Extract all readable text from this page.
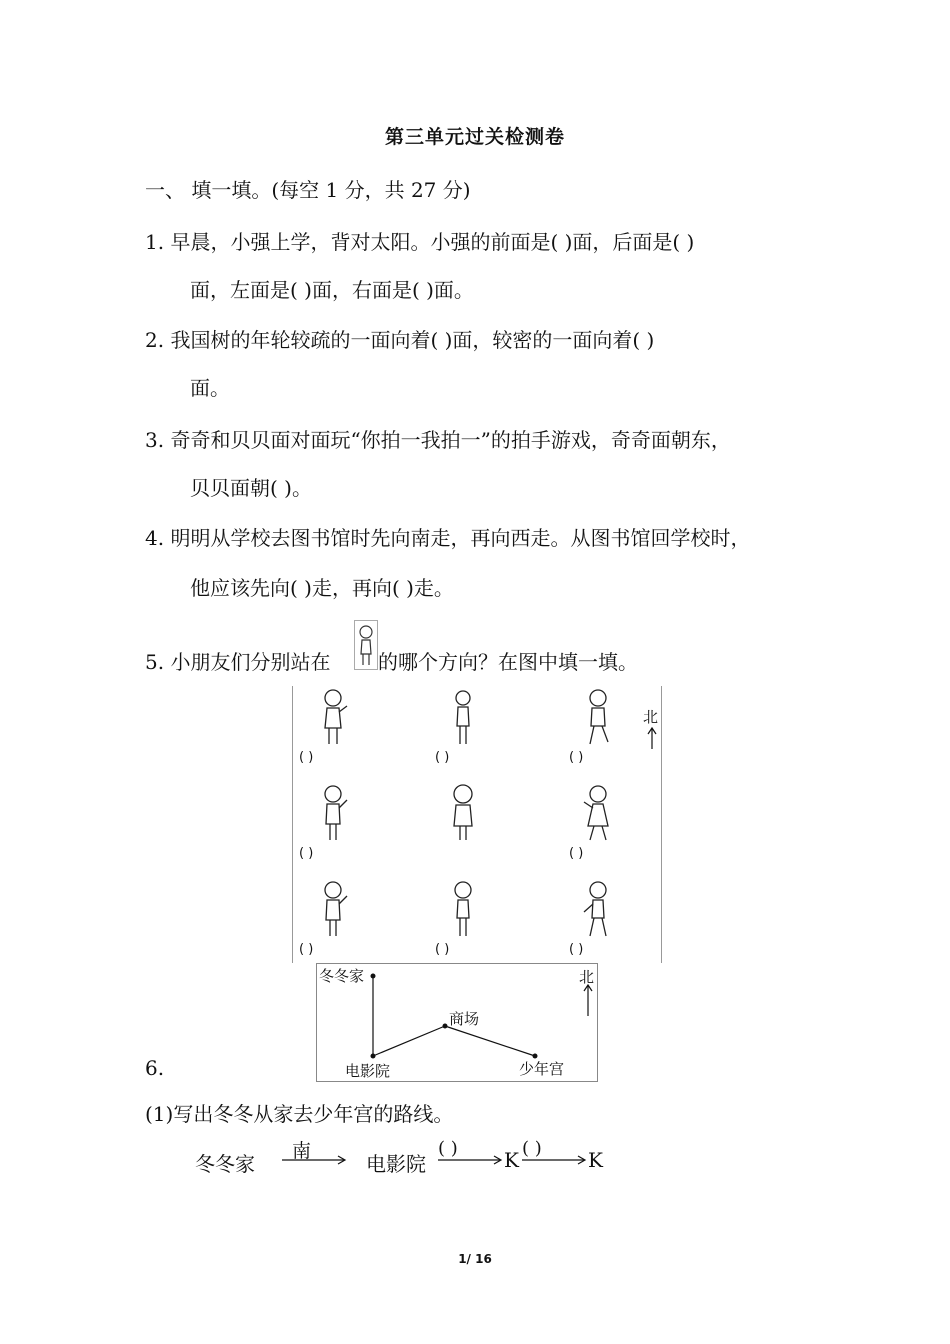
第三单元过关检测卷
一、 填一填。(每空 1 分，共 27 分)
1. 早晨，小强上学，背对太阳。小强的前面是( )面，后面是( )
面，左面是( )面，右面是( )面。
2. 我国树的年轮较疏的一面向着( )面，较密的一面向着( )
面。
3. 奇奇和贝贝面对面玩“你拍一我拍一”的拍手游戏，奇奇面朝东，
贝贝面朝( )。
4. 明明从学校去图书馆时先向南走，再向西走。从图书馆回学校时，
他应该先向( )走，再向( )走。
5. 小朋友们分别站在 的哪个方向？在图中填一填。
( )	( )	( )
( )	( )
( )	( )	( )
北
6.
冬冬家
电影院
商场
少年宫
北
(1)写出冬冬从家去少年宫的路线。
冬冬家
南
电影院
( ) K ( ) K
1/ 16
